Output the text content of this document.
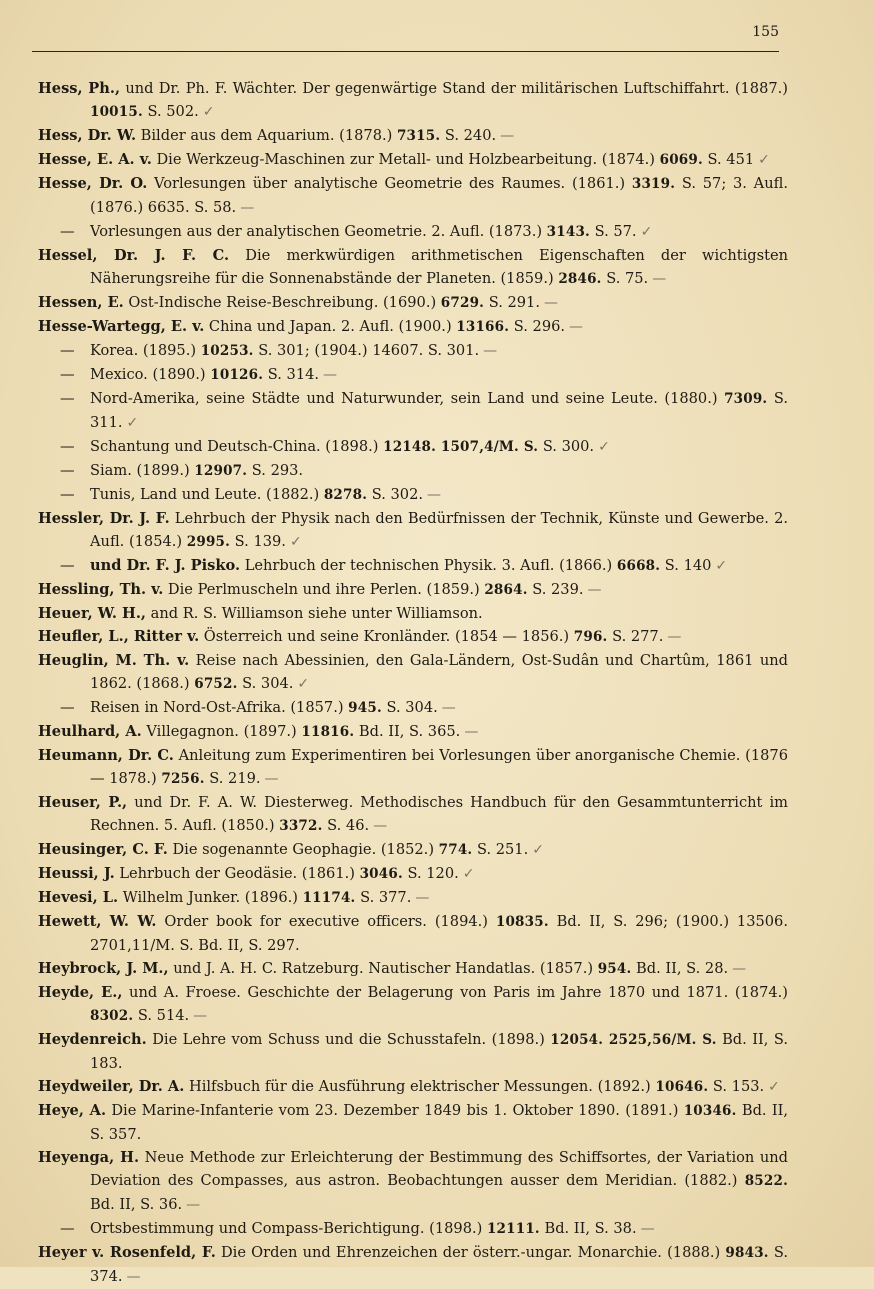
155
Hess, Ph., und Dr. Ph. F. Wächter. Der gegenwärtige Stand der militärischen Luftschiffahrt. (1887.) 10015. S. 502. ✓
Hess, Dr. W. Bilder aus dem Aquarium. (1878.) 7315. S. 240. —
Hesse, E. A. v. Die Werkzeug-Maschinen zur Metall- und Holzbearbeitung. (1874.) 6069. S. 451 ✓
Hesse, Dr. O. Vorlesungen über analytische Geometrie des Raumes. (1861.) 3319. S. 57; 3. Aufl. (1876.) 6635. S. 58. —
— Vorlesungen aus der analytischen Geometrie. 2. Aufl. (1873.) 3143. S. 57. ✓
Hessel, Dr. J. F. C. Die merkwürdigen arithmetischen Eigenschaften der wichtigsten Näherungsreihe für die Sonnenabstände der Planeten. (1859.) 2846. S. 75. —
Hessen, E. Ost-Indische Reise-Beschreibung. (1690.) 6729. S. 291. —
Hesse-Wartegg, E. v. China und Japan. 2. Aufl. (1900.) 13166. S. 296. —
— Korea. (1895.) 10253. S. 301; (1904.) 14607. S. 301. —
— Mexico. (1890.) 10126. S. 314. —
— Nord-Amerika, seine Städte und Naturwunder, sein Land und seine Leute. (1880.) 7309. S. 311. ✓
— Schantung und Deutsch-China. (1898.) 12148. 1507,4/M. S. S. 300. ✓
— Siam. (1899.) 12907. S. 293.
— Tunis, Land und Leute. (1882.) 8278. S. 302. —
Hessler, Dr. J. F. Lehrbuch der Physik nach den Bedürfnissen der Technik, Künste und Gewerbe. 2. Aufl. (1854.) 2995. S. 139. ✓
— und Dr. F. J. Pisko. Lehrbuch der technischen Physik. 3. Aufl. (1866.) 6668. S. 140 ✓
Hessling, Th. v. Die Perlmuscheln und ihre Perlen. (1859.) 2864. S. 239. —
Heuer, W. H., and R. S. Williamson siehe unter Williamson.
Heufler, L., Ritter v. Österreich und seine Kronländer. (1854 — 1856.) 796. S. 277. —
Heuglin, M. Th. v. Reise nach Abessinien, den Gala-Ländern, Ost-Sudân und Chartûm, 1861 und 1862. (1868.) 6752. S. 304. ✓
— Reisen in Nord-Ost-Afrika. (1857.) 945. S. 304. —
Heulhard, A. Villegagnon. (1897.) 11816. Bd. II, S. 365. —
Heumann, Dr. C. Anleitung zum Experimentiren bei Vorlesungen über anorganische Chemie. (1876 — 1878.) 7256. S. 219. —
Heuser, P., und Dr. F. A. W. Diesterweg. Methodisches Handbuch für den Gesammtunterricht im Rechnen. 5. Aufl. (1850.) 3372. S. 46. —
Heusinger, C. F. Die sogenannte Geophagie. (1852.) 774. S. 251. ✓
Heussi, J. Lehrbuch der Geodäsie. (1861.) 3046. S. 120. ✓
Hevesi, L. Wilhelm Junker. (1896.) 11174. S. 377. —
Hewett, W. W. Order book for executive officers. (1894.) 10835. Bd. II, S. 296; (1900.) 13506. 2701,11/M. S. Bd. II, S. 297.
Heybrock, J. M., und J. A. H. C. Ratzeburg. Nautischer Handatlas. (1857.) 954. Bd. II, S. 28. —
Heyde, E., und A. Froese. Geschichte der Belagerung von Paris im Jahre 1870 und 1871. (1874.) 8302. S. 514. —
Heydenreich. Die Lehre vom Schuss und die Schusstafeln. (1898.) 12054. 2525,56/M. S. Bd. II, S. 183.
Heydweiler, Dr. A. Hilfsbuch für die Ausführung elektrischer Messungen. (1892.) 10646. S. 153. ✓
Heye, A. Die Marine-Infanterie vom 23. Dezember 1849 bis 1. Oktober 1890. (1891.) 10346. Bd. II, S. 357.
Heyenga, H. Neue Methode zur Erleichterung der Bestimmung des Schiffsortes, der Variation und Deviation des Compasses, aus astron. Beobachtungen ausser dem Meridian. (1882.) 8522. Bd. II, S. 36. —
— Ortsbestimmung und Compass-Berichtigung. (1898.) 12111. Bd. II, S. 38. —
Heyer v. Rosenfeld, F. Die Orden und Ehrenzeichen der österr.-ungar. Monarchie. (1888.) 9843. S. 374. —
